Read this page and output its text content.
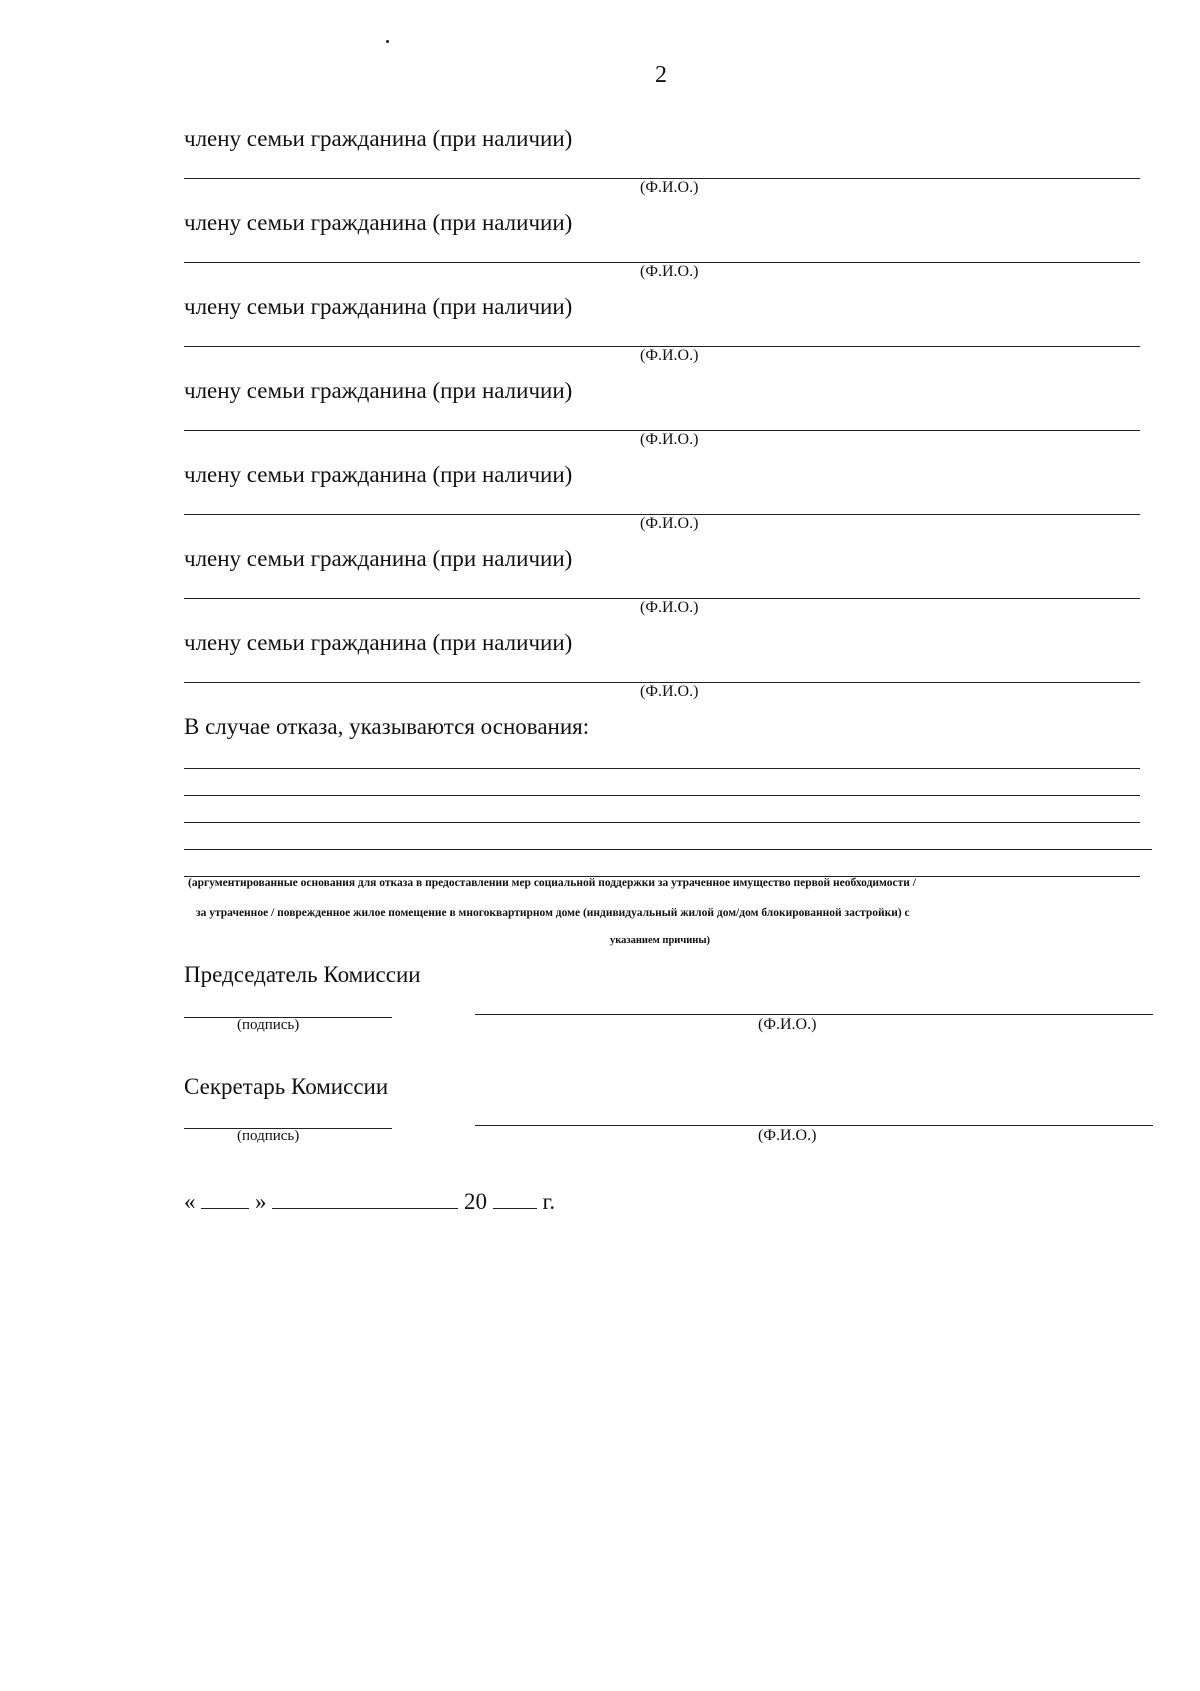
2
члену семьи гражданина (при наличии)
(Ф.И.О.)
члену семьи гражданина (при наличии)
(Ф.И.О.)
члену семьи гражданина (при наличии)
(Ф.И.О.)
члену семьи гражданина (при наличии)
(Ф.И.О.)
члену семьи гражданина (при наличии)
(Ф.И.О.)
члену семьи гражданина (при наличии)
(Ф.И.О.)
члену семьи гражданина (при наличии)
(Ф.И.О.)
В случае отказа, указываются основания:
(аргументированные основания для отказа в предоставлении мер социальной поддержки за утраченное имущество первой необходимости /
за утраченное / поврежденное жилое помещение в многоквартирном доме (индивидуальный жилой дом/дом блокированной застройки) с
указанием причины)
Председатель Комиссии
(подпись)	(Ф.И.О.)
Секретарь Комиссии
(подпись)	(Ф.И.О.)
«	»	20 г.
